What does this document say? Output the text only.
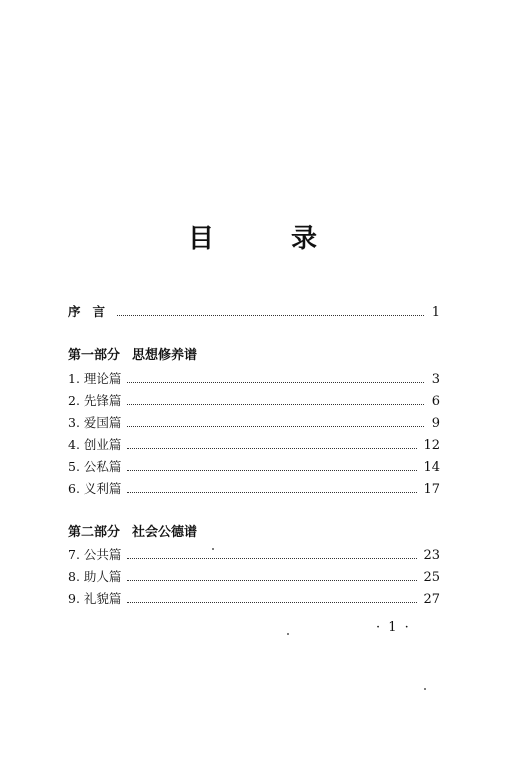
目 录
序言	1
第一部分 思想修养谱
1. 理论篇	3
2. 先锋篇	6
3. 爱国篇	9
4. 创业篇	12
5. 公私篇	14
6. 义利篇	17
第二部分 社会公德谱
7. 公共篇	23
8. 助人篇	25
9. 礼貌篇	27
· 1 ·
